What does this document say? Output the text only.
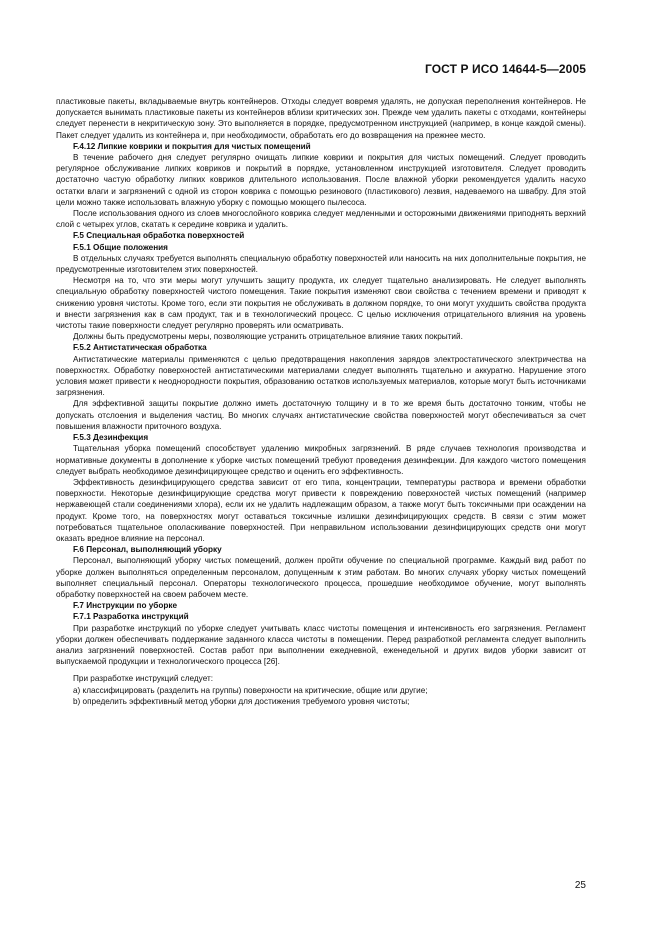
ГОСТ Р ИСО 14644-5—2005

пластиковые пакеты, вкладываемые внутрь контейнеров. Отходы следует вовремя удалять, не допуская переполнения контейнеров. Не допускается вынимать пластиковые пакеты из контейнеров вблизи критических зон. Прежде чем удалить пакеты с отходами, контейнеры следует перенести в некритическую зону. Это выполняется в порядке, предусмотренном инструкцией (например, в конце каждой смены). Пакет следует удалить из контейнера и, при необходимости, обработать его до возвращения на прежнее место.

F.4.12 Липкие коврики и покрытия для чистых помещений

В течение рабочего дня следует регулярно очищать липкие коврики и покрытия для чистых помещений. Следует проводить регулярное обслуживание липких ковриков и покрытий в порядке, установленном инструкцией изготовителя. Следует проводить достаточно частую обработку липких ковриков длительного использования. После влажной уборки рекомендуется удалить насухо остатки влаги и загрязнений с одной из сторон коврика с помощью резинового (пластикового) лезвия, надеваемого на швабру. Для этой цели можно также использовать влажную уборку с помощью моющего пылесоса.

После использования одного из слоев многослойного коврика следует медленными и осторожными движениями приподнять верхний слой с четырех углов, скатать к середине коврика и удалить.

F.5 Специальная обработка поверхностей

F.5.1 Общие положения

В отдельных случаях требуется выполнять специальную обработку поверхностей или наносить на них дополнительные покрытия, не предусмотренные изготовителем этих поверхностей.

Несмотря на то, что эти меры могут улучшить защиту продукта, их следует тщательно анализировать. Не следует выполнять специальную обработку поверхностей чистого помещения. Такие покрытия изменяют свои свойства с течением времени и приводят к снижению уровня чистоты. Кроме того, если эти покрытия не обслуживать в должном порядке, то они могут ухудшить свойства продукта и внести загрязнения как в сам продукт, так и в технологический процесс. С целью исключения отрицательного влияния на уровень чистоты такие поверхности следует регулярно проверять или осматривать.

Должны быть предусмотрены меры, позволяющие устранить отрицательное влияние таких покрытий.

F.5.2 Антистатическая обработка

Антистатические материалы применяются с целью предотвращения накопления зарядов электростатического электричества на поверхностях. Обработку поверхностей антистатическими материалами следует выполнять тщательно и аккуратно. Нарушение этого условия может привести к неоднородности покрытия, образованию остатков используемых материалов, которые могут быть источниками загрязнения.

Для эффективной защиты покрытие должно иметь достаточную толщину и в то же время быть достаточно тонким, чтобы не допускать отслоения и выделения частиц. Во многих случаях антистатические свойства поверхностей могут обеспечиваться за счет повышения влажности приточного воздуха.

F.5.3 Дезинфекция

Тщательная уборка помещений способствует удалению микробных загрязнений. В ряде случаев технология производства и нормативные документы в дополнение к уборке чистых помещений требуют проведения дезинфекции. Для каждого чистого помещения следует выбрать необходимое дезинфицирующее средство и оценить его эффективность.

Эффективность дезинфицирующего средства зависит от его типа, концентрации, температуры раствора и времени обработки поверхности. Некоторые дезинфицирующие средства могут привести к повреждению поверхностей чистых помещений (например нержавеющей стали соединениями хлора), если их не удалить надлежащим образом, а также могут быть токсичными при осаждении на продукт. Кроме того, на поверхностях могут оставаться токсичные излишки дезинфицирующих средств. В связи с этим может потребоваться тщательное ополаскивание поверхностей. При неправильном использовании дезинфицирующих средств они могут оказать вредное влияние на персонал.

F.6 Персонал, выполняющий уборку

Персонал, выполняющий уборку чистых помещений, должен пройти обучение по специальной программе. Каждый вид работ по уборке должен выполняться определенным персоналом, допущенным к этим работам. Во многих случаях уборку чистых помещений выполняет специальный персонал. Операторы технологического процесса, прошедшие необходимое обучение, могут выполнять обработку поверхностей на своем рабочем месте.

F.7 Инструкции по уборке

F.7.1 Разработка инструкций

При разработке инструкций по уборке следует учитывать класс чистоты помещения и интенсивность его загрязнения. Регламент уборки должен обеспечивать поддержание заданного класса чистоты в помещении. Перед разработкой регламента следует выполнить анализ загрязнений поверхностей. Состав работ при выполнении ежедневной, еженедельной и других видов уборки зависит от выпускаемой продукции и технологического процесса [26].

При разработке инструкций следует:

a) классифицировать (разделить на группы) поверхности на критические, общие или другие;

b) определить эффективный метод уборки для достижения требуемого уровня чистоты;

25
